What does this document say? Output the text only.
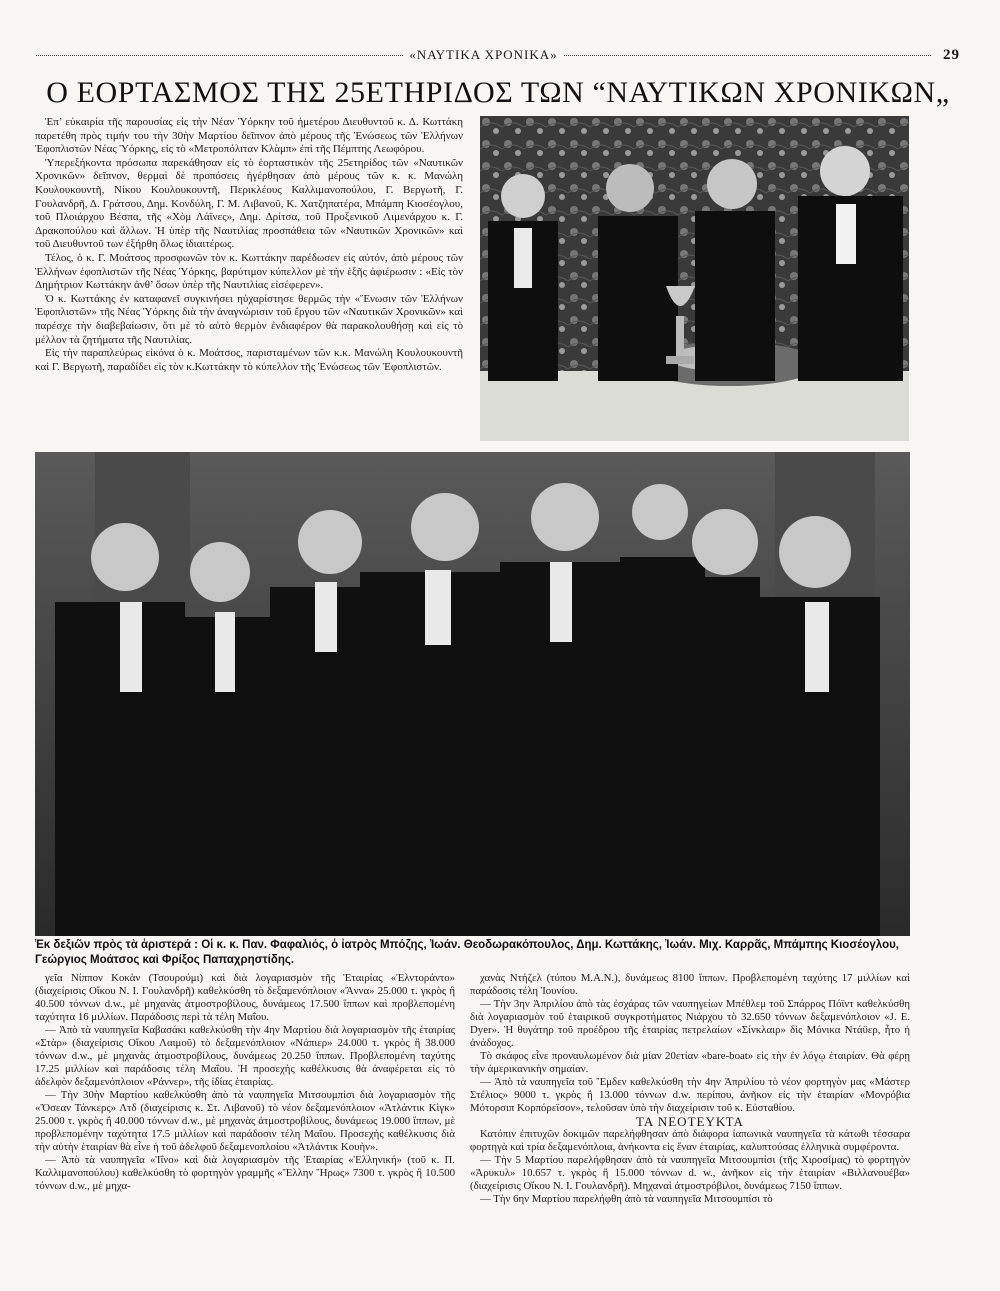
«ΝΑΥΤΙΚΑ ΧΡΟΝΙΚΑ»	29
Ο ΕΟΡΤΑΣΜΟΣ ΤΗΣ 25ΕΤΗΡΙΔΟΣ ΤΩΝ “ΝΑΥΤΙΚΩΝ ΧΡΟΝΙΚΩΝ„

Ἐπ’ εὐκαιρία τῆς παρουσίας εἰς τὴν Νέαν Ὑόρκην τοῦ ἡμετέρου Διευθυντοῦ κ. Δ. Κωττάκη παρετέθη πρὸς τιμήν του τὴν 30ὴν Μαρτίου δεῖπνον ἀπὸ μέρους τῆς Ἐνώσεως τῶν Ἑλλήνων Ἐφοπλιστῶν Νέας Ὑόρκης, εἰς τὸ «Μετροπόλιταν Κλὰμπ» ἐπὶ τῆς Πέμπτης Λεωφόρου.

Ὑπερεξήκοντα πρόσωπα παρεκάθησαν εἰς τὸ ἑορταστικὸν τῆς 25ετηρίδος τῶν «Ναυτικῶν Χρονικῶν» δεῖπνον, θερμαὶ δὲ προπόσεις ἠγέρθησαν ἀπὸ μέρους τῶν κ. κ. Μανώλη Κουλουκουντῆ, Νίκου Κουλουκουντῆ, Περικλέους Καλλιμανοπούλου, Γ. Βεργωτῆ, Γ. Γουλανδρῆ, Δ. Γράτσου, Δημ. Κονδύλη, Γ. Μ. Λιβανοῦ, Κ. Χατζηπατέρα, Μπάμπη Κιοσέογλου, τοῦ Πλοιάρχου Βέσπα, τῆς «Χὸμ Λάϊνες», Δημ. Δρίτσα, τοῦ Προξενικοῦ Λιμενάρχου κ. Γ. Δρακοπούλου καὶ ἄλλων. Ἡ ὑπὲρ τῆς Ναυτιλίας προσπάθεια τῶν «Ναυτικῶν Χρονικῶν» καὶ τοῦ Διευθυντοῦ των ἐξήρθη ὅλως ἰδιαιτέρως.

Τέλος, ὁ κ. Γ. Μοάτσος προσφωνῶν τὸν κ. Κωττάκην παρέδωσεν εἰς αὐτόν, ἀπὸ μέρους τῶν Ἑλλήνων ἐφοπλιστῶν τῆς Νέας Ὑόρκης, βαρύτιμον κύπελλον μὲ τὴν ἑξῆς ἀφιέρωσιν : «Εἰς τὸν Δημήτριον Κωττάκην ἀνθ’ ὅσων ὑπὲρ τῆς Ναυτιλίας εἰσέφερεν».

Ὁ κ. Κωττάκης ἐν καταφανεῖ συγκινήσει ηὐχαρίστησε θερμῶς τὴν «Ἕνωσιν τῶν Ἑλλήνων Ἐφοπλιστῶν» τῆς Νέας Ὑόρκης διὰ τὴν ἀναγνώρισιν τοῦ ἔργου τῶν «Ναυτικῶν Χρονικῶν» καὶ παρέσχε τὴν διαβεβαίωσιν, ὅτι μὲ τὸ αὐτὸ θερμὸν ἐνδιαφέρον θὰ παρακολουθήσῃ καὶ εἰς τὸ μέλλον τὰ ζητήματα τῆς Ναυτιλίας.

Εἰς τὴν παραπλεύρως εἰκόνα ὁ κ. Μοάτσος, παρισταμένων τῶν κ.κ. Μανώλη Κουλουκουντῆ καὶ Γ. Βεργωτῆ, παραδίδει εἰς τὸν κ.Κωττάκην τὸ κύπελλον τῆς Ἐνώσεως τῶν Ἐφοπλιστῶν.

Ἐκ δεξιῶν πρὸς τὰ ἀριστερά : Οἱ κ. κ. Παν. Φαφαλιός, ὁ ἰατρὸς Μπόζης, Ἰωάν. Θεοδωρακόπουλος, Δημ. Κωττάκης, Ἰωάν. Μιχ. Καρρᾶς, Μπάμπης Κιοσέογλου, Γεώργιος Μοάτσος καὶ Φρίξος Παπαχρηστίδης.

γεῖα Νίππον Κοκὰν (Τσουρούμι) καὶ διὰ λογαριασμὸν τῆς Ἑταιρίας «Ἐλντοράντο» (διαχείρισις Οἴκου Ν. Ι. Γουλανδρῆ) καθελκύσθη τὸ δεξαμενόπλοιον «Ἄννα» 25.000 τ. γκρὸς ἢ 40.500 τόννων d.w., μὲ μηχανὰς ἀτμοστροβίλους, δυνάμεως 17.500 ἵππων καὶ προβλεπομένη ταχύτητα 16 μιλλίων. Παράδοσις περὶ τὰ τέλη Μαΐου.

— Ἀπὸ τὰ ναυπηγεῖα Καβασάκι καθελκύσθη τὴν 4ην Μαρτίου διὰ λογαριασμὸν τῆς ἑταιρίας «Στὰρ» (διαχείρισις Οἴκου Λαιμοῦ) τὸ δεξαμενόπλοιον «Νάπιερ» 24.000 τ. γκρὸς ἢ 38.000 τόννων d.w., μὲ μηχανὰς ἀτμοστροβίλους, δυνάμεως 20.250 ἵππων. Προβλεπομένη ταχύτης 17.25 μιλλίων καὶ παράδοσις τέλη Μαΐου. Ἡ προσεχὴς καθέλκυσις θὰ ἀναφέρεται εἰς τὸ ἀδελφὸν δεξαμενόπλοιον «Ράννερ», τῆς ἰδίας ἑταιρίας.

— Τὴν 30ὴν Μαρτίου καθελκύσθη ἀπὸ τὰ ναυπηγεῖα Μιτσουμπίσι διὰ λογαριασμὸν τῆς «Ὄσεαν Τάνκερς» Λτδ (διαχείρισις κ. Στ. Λιβανοῦ) τὸ νέον δεξαμενόπλοιον «Ἀτλάντικ Κὶγκ» 25.000 τ. γκρὸς ἢ 40.000 τόννων d.w., μὲ μηχανὰς ἀτμοστροβίλους, δυνάμεως 19.000 ἵππων, μὲ προβλεπομένην ταχύτητα 17.5 μιλλίων καὶ παράδοσιν τέλη Μαΐου. Προσεχὴς καθέλκυσις διὰ τὴν αὐτὴν ἑταιρίαν θὰ εἶνε ἡ τοῦ ἀδελφοῦ δεξαμενοπλοίου «Ἀτλάντικ Κουὴν».

— Ἀπὸ τὰ ναυπηγεῖα «Ἰΐνο» καὶ διὰ λογαριασμὸν τῆς Ἑταιρίας «Ἑλληνική» (τοῦ κ. Π. Καλλιμανοπούλου) καθελκύσθη τὸ φορτηγὸν γραμμῆς «Ἕλλην Ἥρως» 7300 τ. γκρὸς ἢ 10.500 τόννων d.w., μὲ μηχα-

χανὰς Ντήζελ (τύπου Μ.Α.Ν.), δυνάμεως 8100 ἵππων. Προβλεπομένη ταχύτης 17 μιλλίων καὶ παράδοσις τέλη Ἰουνίου.

— Τὴν 3ην Ἀπριλίου ἀπὸ τὰς ἐσχάρας τῶν ναυπηγείων Μπέθλεμ τοῦ Σπάρρος Πόϊντ καθελκύσθη διὰ λογαριασμὸν τοῦ ἑταιρικοῦ συγκροτήματος Νιάρχου τὸ 32.650 τόννων δεξαμενόπλοιον «J. E. Dyer». Ἡ θυγάτηρ τοῦ προέδρου τῆς ἑταιρίας πετρελαίων «Σίνκλαιρ» δὶς Μόνικα Ντάϋερ, ἦτο ἡ ἀνάδοχος.

Τὸ σκάφος εἶνε προναυλωμένον διὰ μίαν 20ετίαν «bare-boat» εἰς τὴν ἐν λόγῳ ἑταιρίαν. Θὰ φέρῃ τὴν ἀμερικανικὴν σημαίαν.

— Ἀπὸ τὰ ναυπηγεῖα τοῦ Ἔμδεν καθελκύσθη τὴν 4ην Ἀπριλίου τὸ νέον φορτηγὸν μας «Μάστερ Στέλιος» 9000 τ. γκρὸς ἢ 13.000 τόννων d.w. περίπου, ἀνῆκον εἰς τὴν ἑταιρίαν «Μονρόβια Μότορσιπ Κορπόρεϊσον», τελοῦσαν ὑπὸ τὴν διαχείρισιν τοῦ κ. Εὐσταθίου.

ΤΑ ΝΕΟΤΕΥΚΤΑ

Κατόπιν ἐπιτυχῶν δοκιμῶν παρελήφθησαν ἀπὸ διάφορα ἰαπωνικὰ ναυπηγεῖα τὰ κάτωθι τέσσαρα φορτηγὰ καὶ τρία δεξαμενόπλοια, ἀνήκοντα εἰς ἕναν ἑταιρίας, καλυπτούσας ἑλληνικὰ συμφέροντα.

— Τὴν 5 Μαρτίου παρελήφθησαν ἀπὸ τὰ ναυπηγεῖα Μιτσουμπίσι (τῆς Χιροσίμας) τὸ φορτηγὸν «Ἀρυκυλ» 10.657 τ. γκρὸς ἢ 15.000 τόννων d. w., ἀνῆκον εἰς τὴν ἑταιρίαν «Βιλλανουέβα» (διαχείρισις Οἴκου Ν. Ι. Γουλανδρῆ). Μηχαναὶ ἀτμοστρόβιλοι, δυνάμεως 7150 ἵππων.

— Τὴν 6ην Μαρτίου παρελήφθη ἀπὸ τὰ ναυπηγεῖα Μιτσουμπίσι τὸ
